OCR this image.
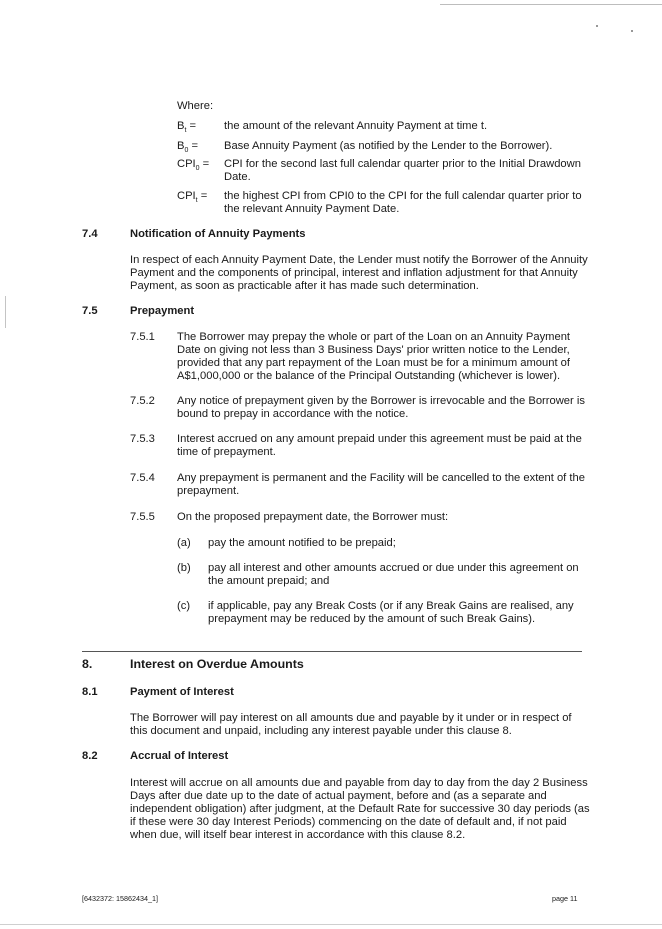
Where:
$B_t$ = the amount of the relevant Annuity Payment at time t.
$B_0$ = Base Annuity Payment (as notified by the Lender to the Borrower).
$CPI_0$ = CPI for the second last full calendar quarter prior to the Initial Drawdown
Date.
$CPI_t$ = the highest CPI from CPI0 to the CPI for the full calendar quarter prior to
the relevant Annuity Payment Date.
7.4	Notification of Annuity Payments
In respect of each Annuity Payment Date, the Lender must notify the Borrower of the Annuity
Payment and the components of principal, interest and inflation adjustment for that Annuity
Payment, as soon as practicable after it has made such determination.
7.5	Prepayment
7.5.1 The Borrower may prepay the whole or part of the Loan on an Annuity Payment
Date on giving not less than 3 Business Days' prior written notice to the Lender,
provided that any part repayment of the Loan must be for a minimum amount of
A$1,000,000 or the balance of the Principal Outstanding (whichever is lower).
7.5.2 Any notice of prepayment given by the Borrower is irrevocable and the Borrower is
bound to prepay in accordance with the notice.
7.5.3 Interest accrued on any amount prepaid under this agreement must be paid at the
time of prepayment.
7.5.4 Any prepayment is permanent and the Facility will be cancelled to the extent of the
prepayment.
7.5.5 On the proposed prepayment date, the Borrower must:
(a) pay the amount notified to be prepaid;
(b) pay all interest and other amounts accrued or due under this agreement on
the amount prepaid; and
(c) if applicable, pay any Break Costs (or if any Break Gains are realised, any
prepayment may be reduced by the amount of such Break Gains).
8.	Interest on Overdue Amounts
8.1	Payment of Interest
The Borrower will pay interest on all amounts due and payable by it under or in respect of
this document and unpaid, including any interest payable under this clause 8.
8.2	Accrual of Interest
Interest will accrue on all amounts due and payable from day to day from the day 2 Business
Days after due date up to the date of actual payment, before and (as a separate and
independent obligation) after judgment, at the Default Rate for successive 30 day periods (as
if these were 30 day Interest Periods) commencing on the date of default and, if not paid
when due, will itself bear interest in accordance with this clause 8.2.
[6432372: 15862434_1]	page 11
